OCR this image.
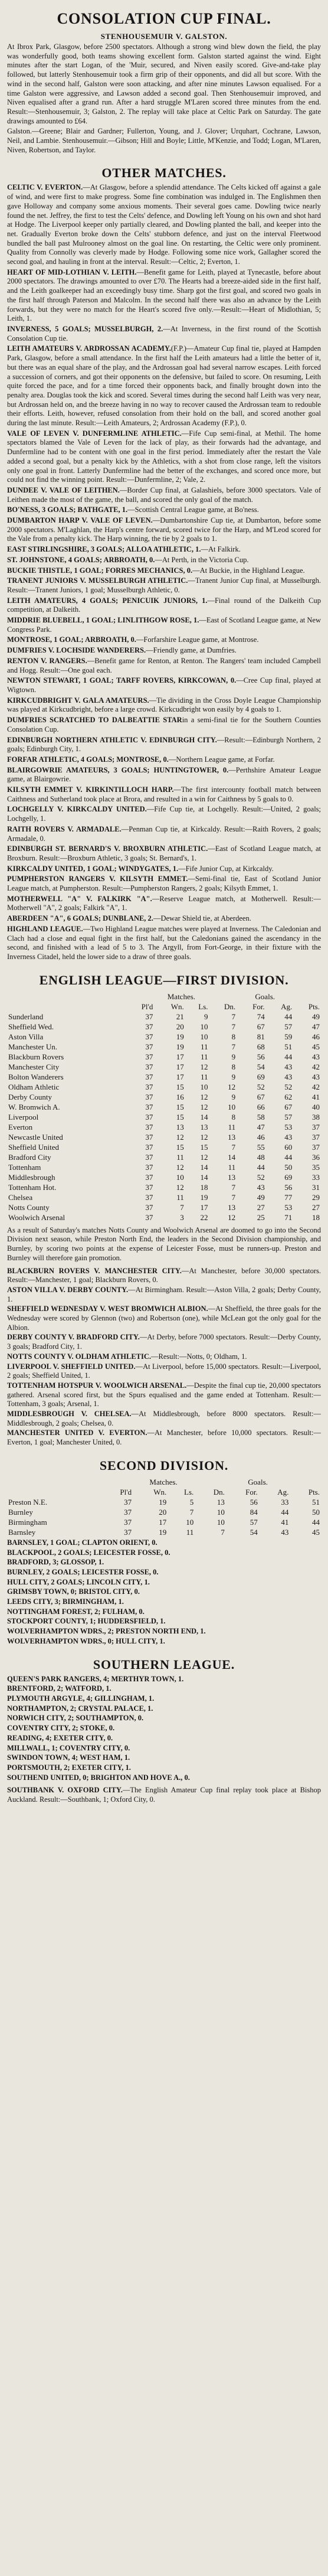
CONSOLATION CUP FINAL.
STENHOUSEMUIR V. GALSTON.
At Ibrox Park, Glasgow, before 2500 spectators. Although a strong wind blew down the field, the play was wonderfully good, both teams showing excellent form. Galston started against the wind. Eight minutes after the start Logan, of the 'Muir, secured, and Niven easily scored. Give-and-take play followed, but latterly Stenhousemuir took a firm grip of their opponents, and did all but score. With the wind in the second half, Galston were soon attacking, and after nine minutes Lawson equalised. For a time Galston were aggressive, and Lawson added a second goal. Then Stenhousemuir improved, and Niven equalised after a grand run. After a hard struggle M'Laren scored three minutes from the end. Result:—Stenhousemuir, 3; Galston, 2. The replay will take place at Celtic Park on Saturday. The gate drawings amounted to £64.
Galston.—Greene; Blair and Gardner; Fullerton, Young, and J. Glover; Urquhart, Cochrane, Lawson, Neil, and Lambie. Stenhousemuir.—Gibson; Hill and Boyle; Little, M'Kenzie, and Todd; Logan, M'Laren, Niven, Robertson, and Taylor.
OTHER MATCHES.
CELTIC V. EVERTON.—At Glasgow, before a splendid attendance. The Celts kicked off against a gale of wind, and were first to make progress. Some fine combination was indulged in. The Englishmen then gave Holloway and company some anxious moments. Their several goes came. Dowling twice nearly found the net. Jeffrey, the first to test the Celts' defence, and Dowling left Young on his own and shot hard at Hodge. The Liverpool keeper only partially cleared, and Dowling planted the ball, and keeper into the net. Gradually Everton broke down the Celts' stubborn defence, and just on the interval Fleetwood bundled the ball past Mulrooney almost on the goal line. On restarting, the Celtic were only prominent. Quality from Connolly was cleverly made by Hodge. Following some nice work, Gallagher scored the second goal, and hauling in front at the interval. Result:—Celtic, 2; Everton, 1.
HEART OF MID-LOTHIAN V. LEITH.—Benefit game for Leith, played at Tynecastle, before about 2000 spectators. The drawings amounted to over £70. The Hearts had a breeze-aided side in the first half, and the Leith goalkeeper had an exceedingly busy time. Sharp got the first goal, and scored two goals in the first half through Paterson and Malcolm. In the second half there was also an advance by the Leith forwards, but they were no match for the Heart's scored five only.—Result:—Heart of Midlothian, 5; Leith, 1.
INVERNESS, 5 GOALS; MUSSELBURGH, 2.—At Inverness, in the first round of the Scottish Consolation Cup tie.
LEITH AMATEURS V. ARDROSSAN ACADEMY.(F.P.)—Amateur Cup final tie, played at Hampden Park, Glasgow, before a small attendance. In the first half the Leith amateurs had a little the better of it, but there was an equal share of the play, and the Ardrossan goal had several narrow escapes. Leith forced a succession of corners, and got their opponents on the defensive, but failed to score. On resuming, Leith quite forced the pace, and for a time forced their opponents back, and finally brought down into the penalty area. Douglas took the kick and scored. Several times during the second half Leith was very near, but Ardrossan held on, and the breeze having in no way to recover caused the Ardrossan team to redouble their efforts. Leith, however, refused consolation from their hold on the ball, and scored another goal during the last minute. Result:—Leith Amateurs, 2; Ardrossan Academy (F.P.), 0.
VALE OF LEVEN V. DUNFERMLINE ATHLETIC.—Fife Cup semi-final, at Methil. The home spectators blamed the Vale of Leven for the lack of play, as their forwards had the advantage, and Dunfermline had to be content with one goal in the first period. Immediately after the restart the Vale added a second goal, but a penalty kick by the Athletics, with a shot from close range, left the visitors only one goal in front. Latterly Dunfermline had the better of the exchanges, and scored once more, but could not find the winning point. Result:—Dunfermline, 2; Vale, 2.
DUNDEE V. VALE OF LEITHEN.—Border Cup final, at Galashiels, before 3000 spectators. Vale of Leithen made the most of the game, the ball, and scored the only goal of the match.
BO'NESS, 3 GOALS; BATHGATE, 1.—Scottish Central League game, at Bo'ness.
DUMBARTON HARP V. VALE OF LEVEN.—Dumbartonshire Cup tie, at Dumbarton, before some 2000 spectators. M'Laghlan, the Harp's centre forward, scored twice for the Harp, and M'Leod scored for the Vale from a penalty kick. The Harp winning, the tie by 2 goals to 1.
EAST STIRLINGSHIRE, 3 GOALS; ALLOA ATHLETIC, 1.—At Falkirk.
ST. JOHNSTONE, 4 GOALS; ARBROATH, 0.—At Perth, in the Victoria Cup.
BUCKIE THISTLE, 1 GOAL; FORRES MECHANICS, 0.—At Buckie, in the Highland League.
TRANENT JUNIORS V. MUSSELBURGH ATHLETIC.—Tranent Junior Cup final, at Musselburgh. Result:—Tranent Juniors, 1 goal; Musselburgh Athletic, 0.
LEITH AMATEURS, 4 GOALS; PENICUIK JUNIORS, 1.—Final round of the Dalkeith Cup competition, at Dalkeith.
MIDDRIE BLUEBELL, 1 GOAL; LINLITHGOW ROSE, 1.—East of Scotland League game, at New Congress Park.
MONTROSE, 1 GOAL; ARBROATH, 0.—Forfarshire League game, at Montrose.
DUMFRIES V. LOCHSIDE WANDERERS.—Friendly game, at Dumfries.
RENTON V. RANGERS.—Benefit game for Renton, at Renton. The Rangers' team included Campbell and Hogg. Result:—One goal each.
NEWTON STEWART, 1 GOAL; TARFF ROVERS, KIRKCOWAN, 0.—Cree Cup final, played at Wigtown.
KIRKCUDBRIGHT V. GALA AMATEURS.—Tie dividing in the Cross Doyle League Championship was played at Kirkcudbright, before a large crowd. Kirkcudbright won easily by 4 goals to 1.
DUMFRIES SCRATCHED TO DALBEATTIE STARin a semi-final tie for the Southern Counties Consolation Cup.
EDINBURGH NORTHERN ATHLETIC V. EDINBURGH CITY.—Result:—Edinburgh Northern, 2 goals; Edinburgh City, 1.
FORFAR ATHLETIC, 4 GOALS; MONTROSE, 0.—Northern League game, at Forfar.
BLAIRGOWRIE AMATEURS, 3 GOALS; HUNTINGTOWER, 0.—Perthshire Amateur League game, at Blairgowrie.
KILSYTH EMMET V. KIRKINTILLOCH HARP.—The first intercounty football match between Caithness and Sutherland took place at Brora, and resulted in a win for Caithness by 5 goals to 0.
LOCHGELLY V. KIRKCALDY UNITED.—Fife Cup tie, at Lochgelly. Result:—United, 2 goals; Lochgelly, 1.
RAITH ROVERS V. ARMADALE.—Penman Cup tie, at Kirkcaldy. Result:—Raith Rovers, 2 goals; Armadale, 0.
EDINBURGH ST. BERNARD'S V. BROXBURN ATHLETIC.—East of Scotland League match, at Broxburn. Result:—Broxburn Athletic, 3 goals; St. Bernard's, 1.
KIRKCALDY UNITED, 1 GOAL; WINDYGATES, 1.—Fife Junior Cup, at Kirkcaldy.
PUMPHERSTON RANGERS V. KILSYTH EMMET.—Semi-final tie, East of Scotland Junior League match, at Pumpherston. Result:—Pumpherston Rangers, 2 goals; Kilsyth Emmet, 1.
MOTHERWELL "A" V. FALKIRK "A".—Reserve League match, at Motherwell. Result:—Motherwell "A", 2 goals; Falkirk "A", 1.
ABERDEEN "A", 6 GOALS; DUNBLANE, 2.—Dewar Shield tie, at Aberdeen.
HIGHLAND LEAGUE.—Two Highland League matches were played at Inverness. The Caledonian and Clach had a close and equal fight in the first half, but the Caledonians gained the ascendancy in the second, and finished with a lead of 5 to 3. The Argyll, from Fort-George, in their fixture with the Inverness Citadel, held the lower side to a draw of three goals.
ENGLISH LEAGUE—FIRST DIVISION.
	Matches.				Goals.		
	Pl'd	Wn.	Ls.	Dn.	For.	Ag.	Pts.
Sunderland	37	21	9	7	74	44	49
Sheffield Wed.	37	20	10	7	67	57	47
Aston Villa	37	19	10	8	81	59	46
Manchester Un.	37	19	11	7	68	51	45
Blackburn Rovers	37	17	11	9	56	44	43
Manchester City	37	17	12	8	54	43	42
Bolton Wanderers	37	17	11	9	69	43	43
Oldham Athletic	37	15	10	12	52	52	42
Derby County	37	16	12	9	67	62	41
W. Bromwich A.	37	15	12	10	66	67	40
Liverpool	37	15	14	8	58	57	38
Everton	37	13	13	11	47	53	37
Newcastle United	37	12	12	13	46	43	37
Sheffield United	37	15	15	7	55	60	37
Bradford City	37	11	12	14	48	44	36
Tottenham	37	12	14	11	44	50	35
Middlesbrough	37	10	14	13	52	69	33
Tottenham Hot.	37	12	18	7	43	56	31
Chelsea	37	11	19	7	49	77	29
Notts County	37	7	17	13	27	53	27
Woolwich Arsenal	37	3	22	12	25	71	18
As a result of Saturday's matches Notts County and Woolwich Arsenal are doomed to go into the Second Division next season, while Preston North End, the leaders in the Second Division championship, and Burnley, by scoring two points at the expense of Leicester Fosse, must be runners-up. Preston and Burnley will therefore gain promotion.
BLACKBURN ROVERS V. MANCHESTER CITY.—At Manchester, before 30,000 spectators. Result:—Manchester, 1 goal; Blackburn Rovers, 0.
ASTON VILLA V. DERBY COUNTY.—At Birmingham. Result:—Aston Villa, 2 goals; Derby County, 1.
SHEFFIELD WEDNESDAY V. WEST BROMWICH ALBION.—At Sheffield, the three goals for the Wednesday were scored by Glennon (two) and Robertson (one), while McLean got the only goal for the Albion.
DERBY COUNTY V. BRADFORD CITY.—At Derby, before 7000 spectators. Result:—Derby County, 3 goals; Bradford City, 1.
NOTTS COUNTY V. OLDHAM ATHLETIC.—Result:—Notts, 0; Oldham, 1.
LIVERPOOL V. SHEFFIELD UNITED.—At Liverpool, before 15,000 spectators. Result:—Liverpool, 2 goals; Sheffield United, 1.
TOTTENHAM HOTSPUR V. WOOLWICH ARSENAL.—Despite the final cup tie, 20,000 spectators gathered. Arsenal scored first, but the Spurs equalised and the game ended at Tottenham. Result:—Tottenham, 3 goals; Arsenal, 1.
MIDDLESBROUGH V. CHELSEA.—At Middlesbrough, before 8000 spectators. Result:—Middlesbrough, 2 goals; Chelsea, 0.
MANCHESTER UNITED V. EVERTON.—At Manchester, before 10,000 spectators. Result:—Everton, 1 goal; Manchester United, 0.
SECOND DIVISION.
	Matches.				Goals.		
	Pl'd	Wn.	Ls.	Dn.	For.	Ag.	Pts.
Preston N.E.	37	19	5	13	56	33	51
Burnley	37	20	7	10	84	44	50
Birmingham	37	17	10	10	57	41	44
Barnsley	37	19	11	7	54	43	45
BARNSLEY, 1 GOAL; CLAPTON ORIENT, 0.
BLACKPOOL, 2 GOALS; LEICESTER FOSSE, 0.
BRADFORD, 3; GLOSSOP, 1.
BURNLEY, 2 GOALS; LEICESTER FOSSE, 0.
HULL CITY, 2 GOALS; LINCOLN CITY, 1.
GRIMSBY TOWN, 0; BRISTOL CITY, 0.
LEEDS CITY, 3; BIRMINGHAM, 1.
NOTTINGHAM FOREST, 2; FULHAM, 0.
STOCKPORT COUNTY, 1; HUDDERSFIELD, 1.
WOLVERHAMPTON WDRS., 2; PRESTON NORTH END, 1.
WOLVERHAMPTON WDRS., 0; HULL CITY, 1.
SOUTHERN LEAGUE.
QUEEN'S PARK RANGERS, 4; MERTHYR TOWN, 1.
BRENTFORD, 2; WATFORD, 1.
PLYMOUTH ARGYLE, 4; GILLINGHAM, 1.
NORTHAMPTON, 2; CRYSTAL PALACE, 1.
NORWICH CITY, 2; SOUTHAMPTON, 0.
COVENTRY CITY, 2; STOKE, 0.
READING, 4; EXETER CITY, 0.
MILLWALL, 1; COVENTRY CITY, 0.
SWINDON TOWN, 4; WEST HAM, 1.
PORTSMOUTH, 2; EXETER CITY, 1.
SOUTHEND UNITED, 0; BRIGHTON AND HOVE A., 0.
SOUTHBANK V. OXFORD CITY.—The English Amateur Cup final replay took place at Bishop Auckland. Result:—Southbank, 1; Oxford City, 0.
